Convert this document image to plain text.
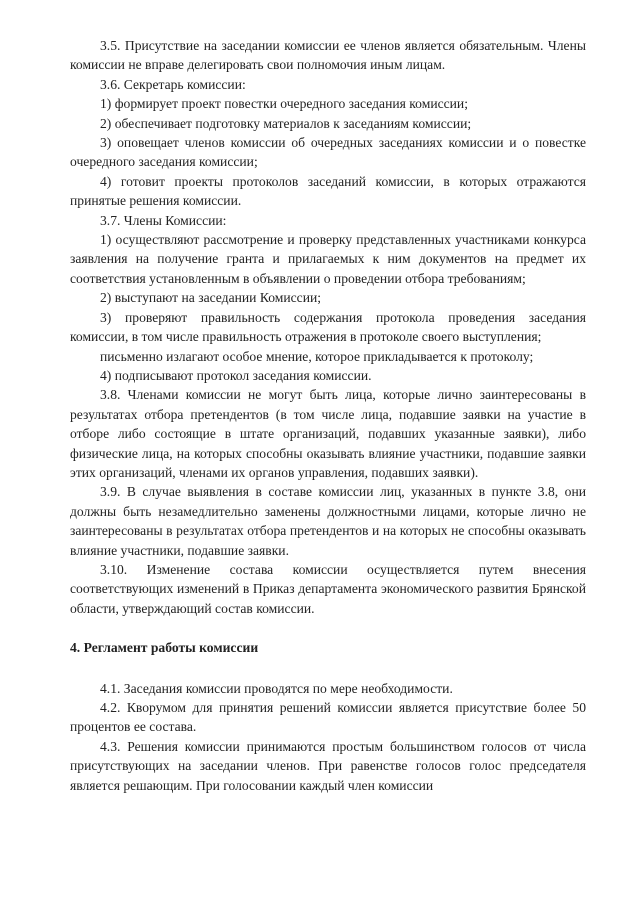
3.5. Присутствие на заседании комиссии ее членов является обязательным. Члены комиссии не вправе делегировать свои полномочия иным лицам.

3.6. Секретарь комиссии:

1) формирует проект повестки очередного заседания комиссии;

2) обеспечивает подготовку материалов к заседаниям комиссии;

3) оповещает членов комиссии об очередных заседаниях комиссии и о повестке очередного заседания комиссии;

4) готовит проекты протоколов заседаний комиссии, в которых отражаются принятые решения комиссии.

3.7. Члены Комиссии:

1) осуществляют рассмотрение и проверку представленных участниками конкурса заявления на получение гранта и прилагаемых к ним документов на предмет их соответствия установленным в объявлении о проведении отбора требованиям;

2) выступают на заседании Комиссии;

3) проверяют правильность содержания протокола проведения заседания комиссии, в том числе правильность отражения в протоколе своего выступления;

письменно излагают особое мнение, которое прикладывается к протоколу;

4) подписывают протокол заседания комиссии.

3.8. Членами комиссии не могут быть лица, которые лично заинтересованы в результатах отбора претендентов (в том числе лица, подавшие заявки на участие в отборе либо состоящие в штате организаций, подавших указанные заявки), либо физические лица, на которых способны оказывать влияние участники, подавшие заявки этих организаций, членами их органов управления, подавших заявки).

3.9. В случае выявления в составе комиссии лиц, указанных в пункте 3.8, они должны быть незамедлительно заменены должностными лицами, которые лично не заинтересованы в результатах отбора претендентов и на которых не способны оказывать влияние участники, подавшие заявки.

3.10. Изменение состава комиссии осуществляется путем внесения соответствующих изменений в Приказ департамента экономического развития Брянской области, утверждающий состав комиссии.

4. Регламент работы комиссии

4.1. Заседания комиссии проводятся по мере необходимости.

4.2. Кворумом для принятия решений комиссии является присутствие более 50 процентов ее состава.

4.3. Решения комиссии принимаются простым большинством голосов от числа присутствующих на заседании членов. При равенстве голосов голос председателя является решающим. При голосовании каждый член комиссии
